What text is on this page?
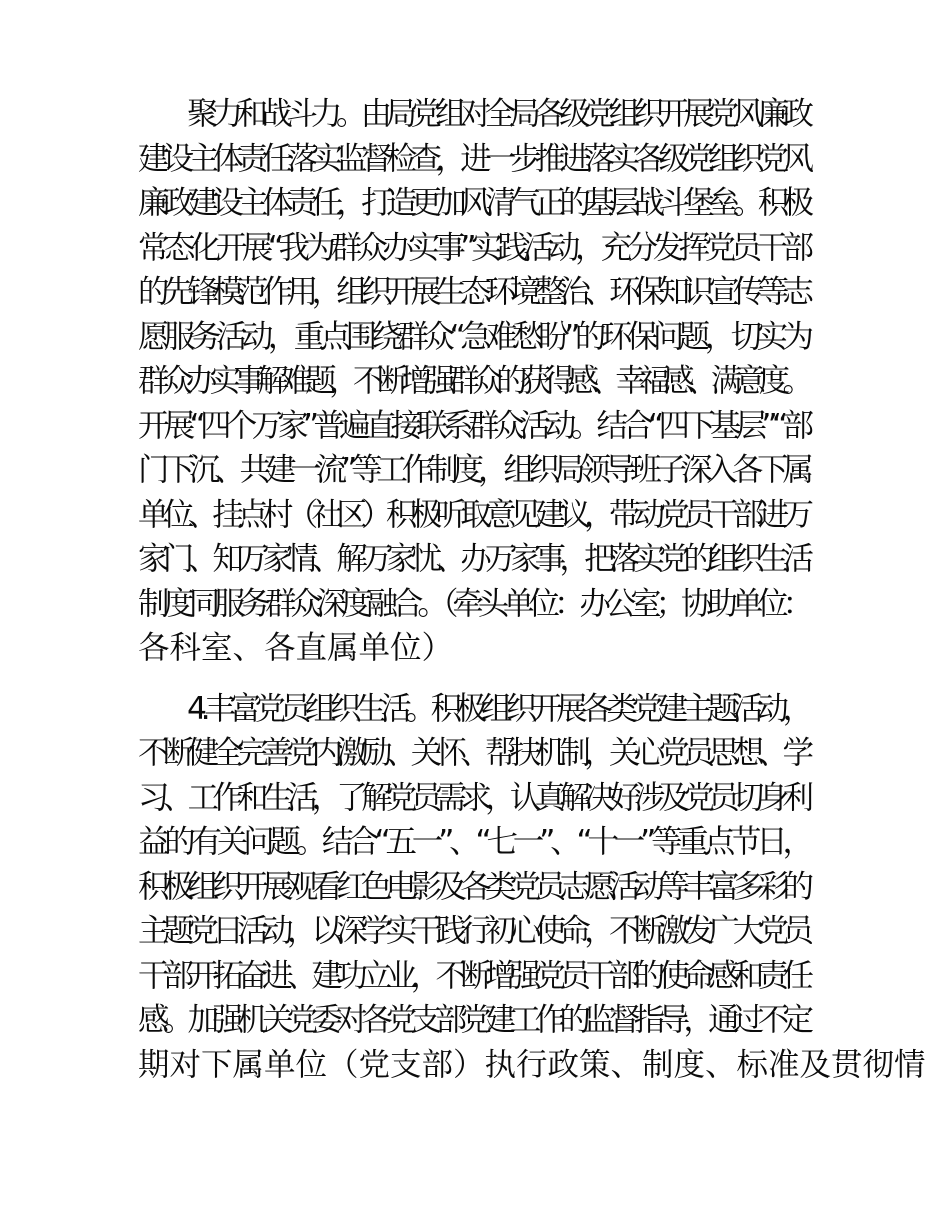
聚力和战斗力。由局党组对全局各级党组织开展党风廉政
建设主体责任落实监督检查，进一步推进落实各级党组织党风
廉政建设主体责任，打造更加风清气正的基层战斗堡垒。积极
常态化开展“我为群众办实事”实践活动，充分发挥党员干部
的先锋模范作用，组织开展生态环境整治、环保知识宣传等志
愿服务活动，重点围绕群众“急难愁盼”的环保问题，切实为
群众办实事解难题，不断增强群众的获得感、幸福感、满意度。
开展“四个万家”普遍直接联系群众活动。结合“四下基层”“部
门下沉、共建一流”等工作制度，组织局领导班子深入各下属
单位、挂点村（社区）积极听取意见建议，带动党员干部进万
家门、知万家情、解万家忧、办万家事，把落实党的组织生活
制度同服务群众深度融合。（牵头单位：办公室；协助单位：
各科室、各直属单位）
4.丰富党员组织生活。积极组织开展各类党建主题活动，
不断健全完善党内激励、关怀、帮扶机制，关心党员思想、学
习、工作和生活，了解党员需求，认真解决好涉及党员切身利
益的有关问题。结合“五一”、“七一”、“十一”等重点节日，
积极组织开展观看红色电影及各类党员志愿活动等丰富多彩的
主题党日活动，以深学实干践行初心使命，不断激发广大党员
干部开拓奋进、建功立业，不断增强党员干部的使命感和责任
感。加强机关党委对各党支部党建工作的监督指导，通过不定
期对下属单位（党支部）执行政策、制度、标准及贯彻情
